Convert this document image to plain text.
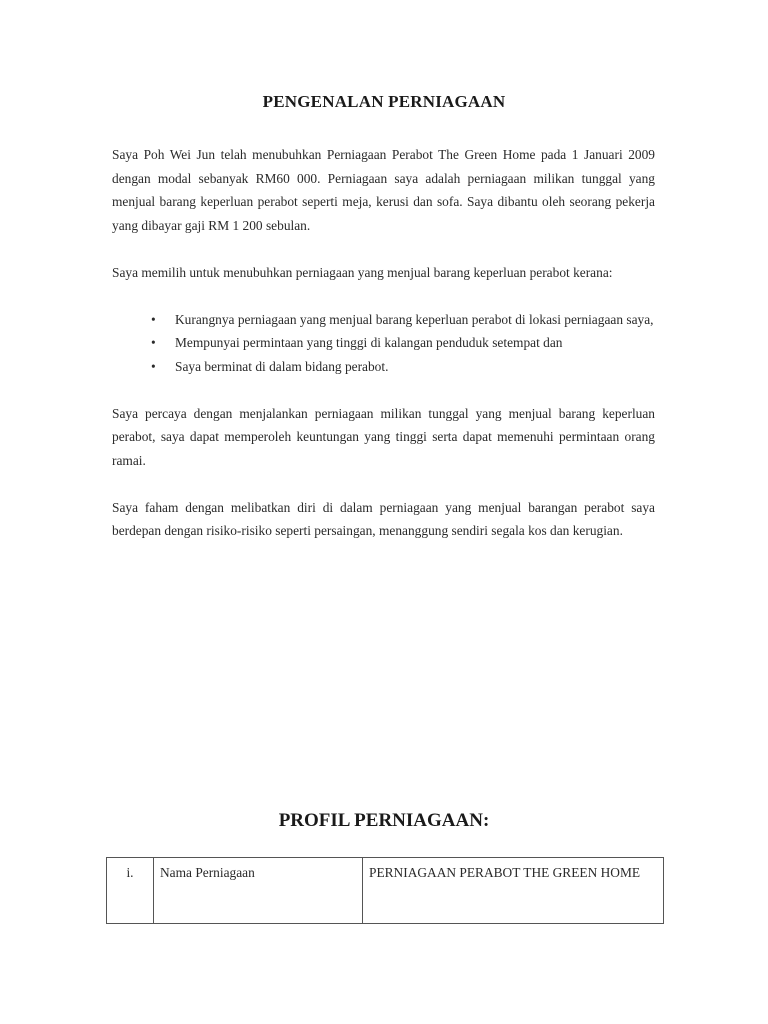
PENGENALAN PERNIAGAAN

Saya Poh Wei Jun telah menubuhkan Perniagaan Perabot The Green Home pada 1 Januari 2009 dengan modal sebanyak RM60 000. Perniagaan saya adalah perniagaan milikan tunggal yang menjual barang keperluan perabot seperti meja, kerusi dan sofa. Saya dibantu oleh seorang pekerja yang dibayar gaji RM 1 200 sebulan.

Saya memilih untuk menubuhkan perniagaan yang menjual barang keperluan perabot kerana:

• Kurangnya perniagaan yang menjual barang keperluan perabot di lokasi perniagaan saya,
• Mempunyai permintaan yang tinggi di kalangan penduduk setempat dan
• Saya berminat di dalam bidang perabot.

Saya percaya dengan menjalankan perniagaan milikan tunggal yang menjual barang keperluan perabot, saya dapat memperoleh keuntungan yang tinggi serta dapat memenuhi permintaan orang ramai.

Saya faham dengan melibatkan diri di dalam perniagaan yang menjual barangan perabot saya berdepan dengan risiko-risiko seperti persaingan, menanggung sendiri segala kos dan kerugian.

PROFIL PERNIAGAAN:
i.	Nama Perniagaan	PERNIAGAAN PERABOT THE GREEN HOME
